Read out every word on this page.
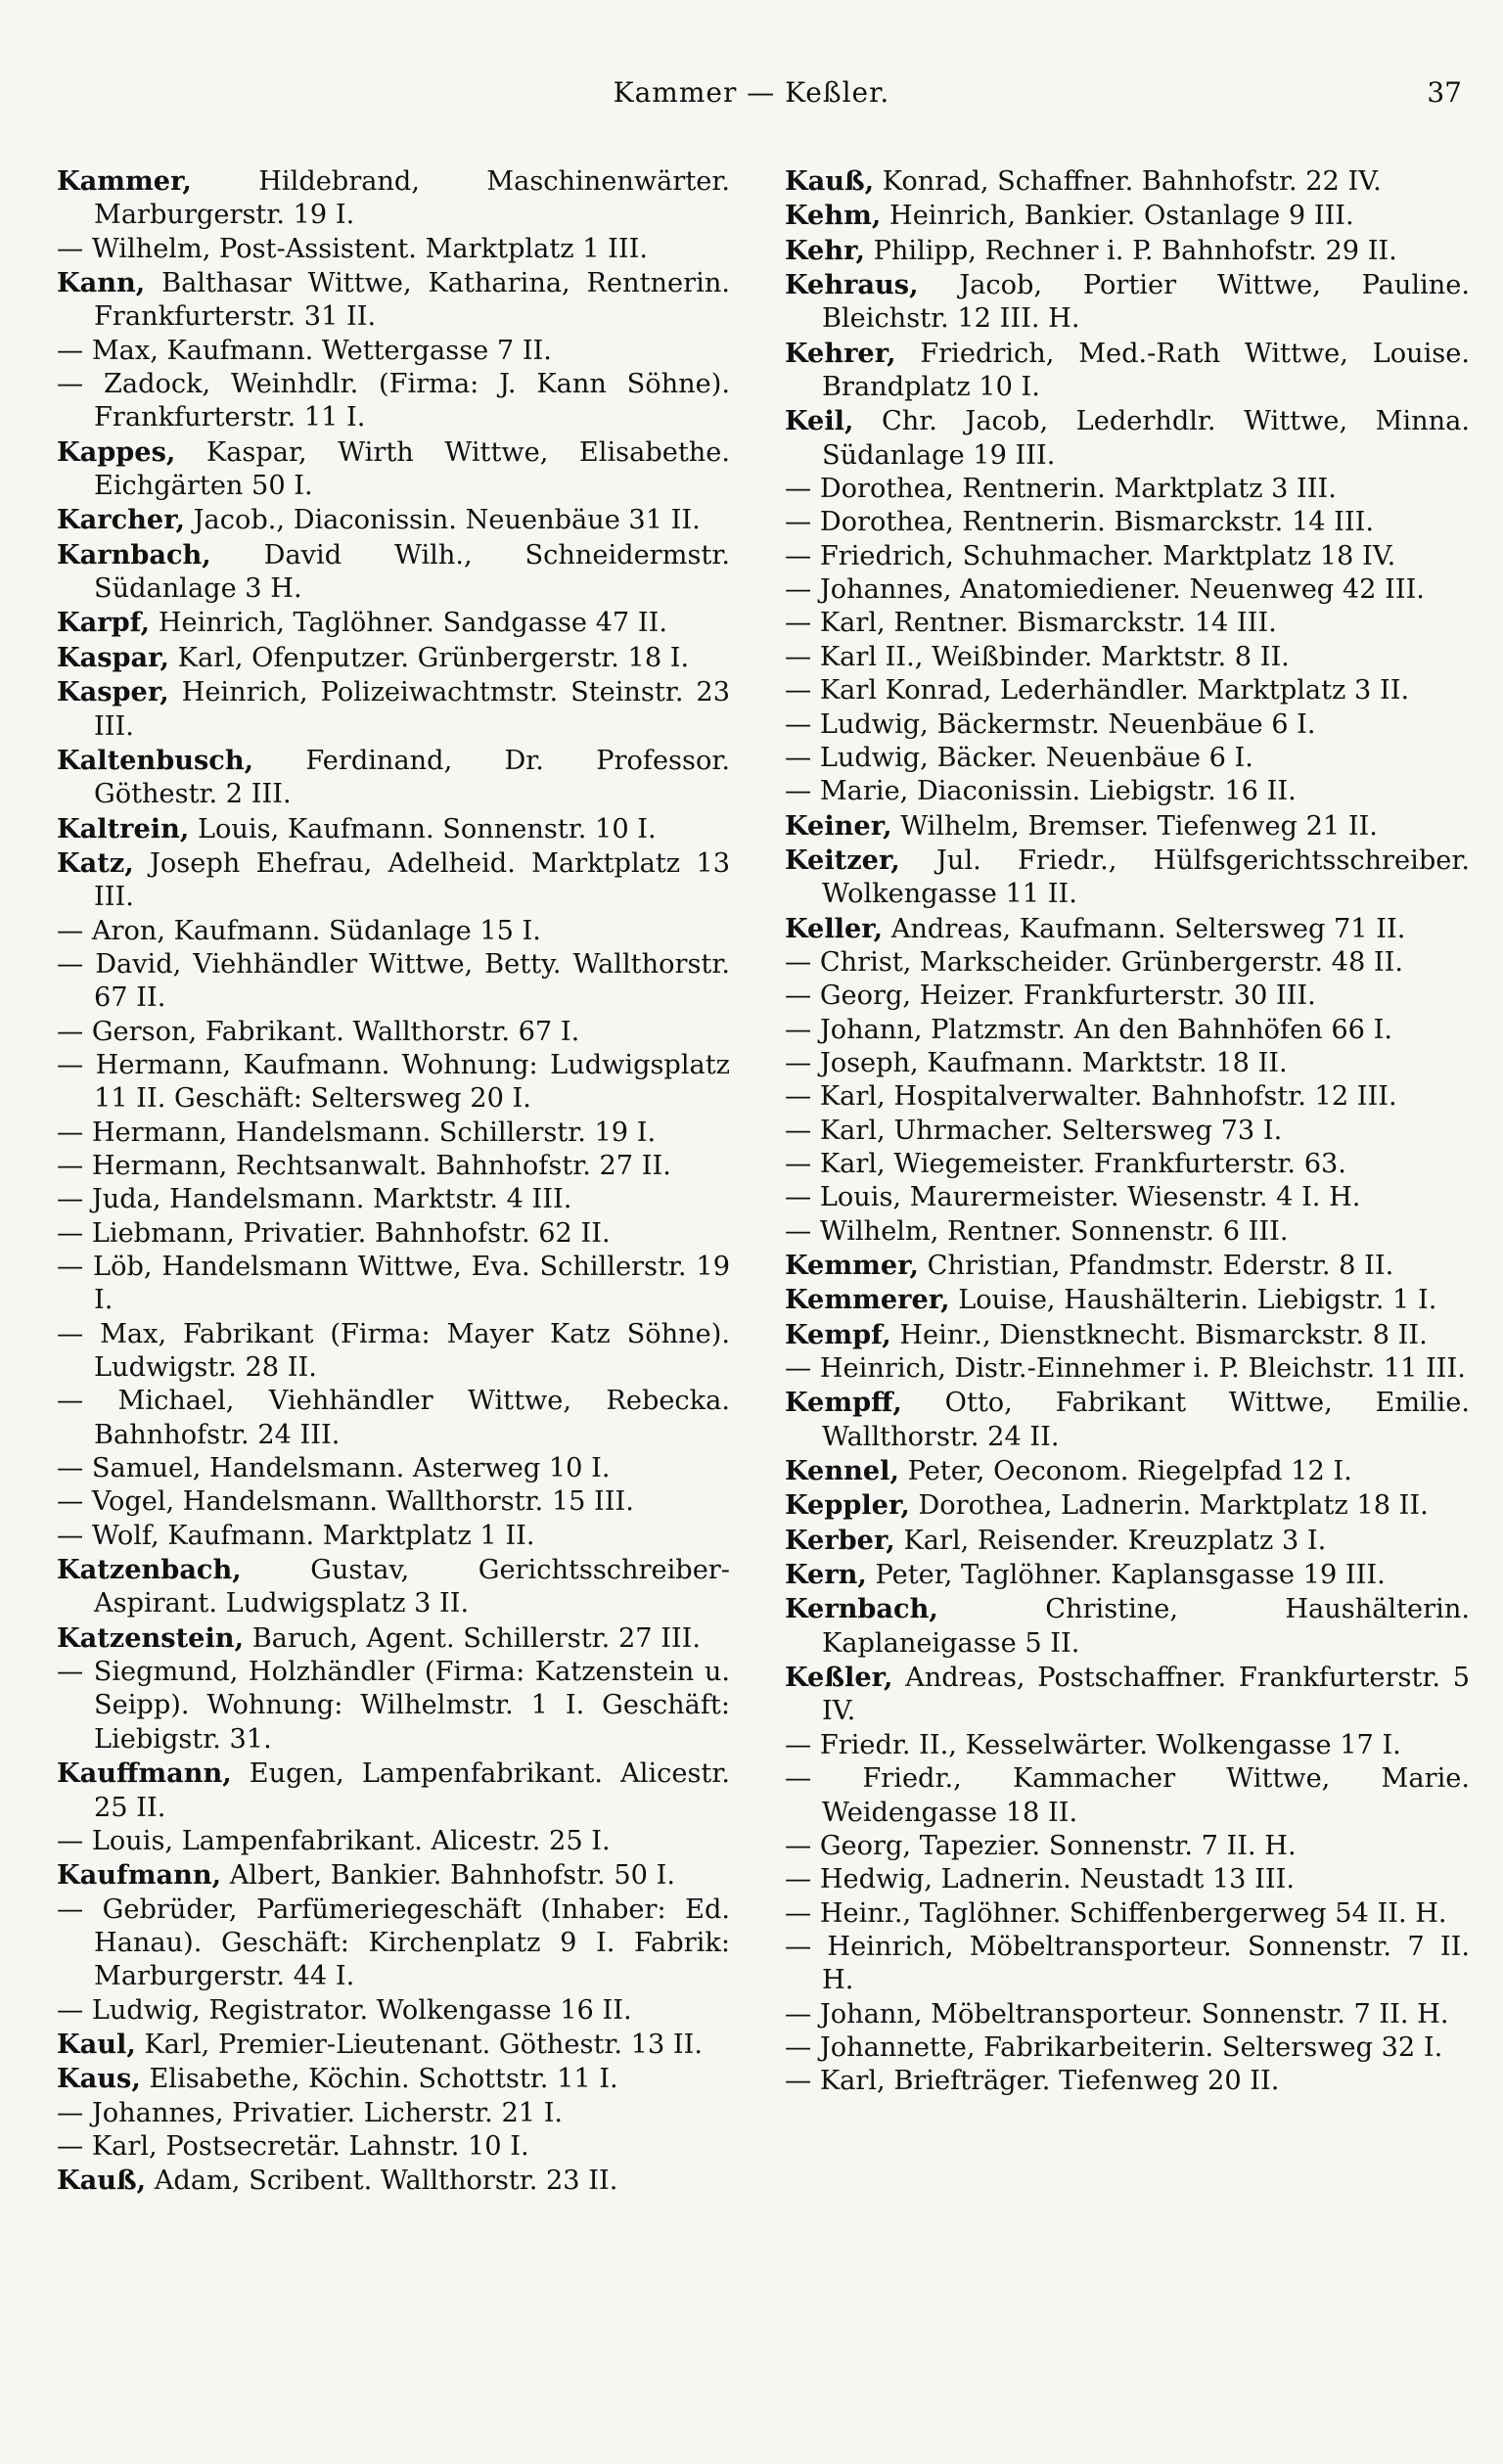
Kammer — Keßler.	37

Kammer,	Hildebrand, Maschinenwärter. Marburgerstr. 19 I.

— Wilhelm, Post-Assistent. Marktplatz 1 III.

Kann, Balthasar Wittwe, Katharina, Rentnerin. Frankfurterstr. 31 II.

— Max, Kaufmann. Wettergasse 7 II.

— Zadock, Weinhdlr. (Firma: J. Kann Söhne). Frankfurterstr. 11 I.

Kappes, Kaspar, Wirth Wittwe, Elisabethe. Eichgärten 50 I.

Karcher, Jacob., Diaconissin. Neuenbäue 31 II.

Karnbach, David Wilh., Schneidermstr. Südanlage 3 H.

Karpf, Heinrich, Taglöhner. Sandgasse 47 II.

Kaspar, Karl, Ofenputzer. Grünbergerstr. 18 I.

Kasper, Heinrich, Polizeiwachtmstr. Steinstr. 23 III.

Kaltenbusch, Ferdinand, Dr. Professor. Göthestr. 2 III.

Kaltrein, Louis, Kaufmann. Sonnenstr. 10 I.

Katz, Joseph Ehefrau, Adelheid. Marktplatz 13 III.

— Aron, Kaufmann. Südanlage 15 I.

— David, Viehhändler Wittwe, Betty. Wallthorstr. 67 II.

— Gerson, Fabrikant. Wallthorstr. 67 I.

— Hermann, Kaufmann. Wohnung: Ludwigsplatz 11 II. Geschäft: Seltersweg 20 I.

— Hermann, Handelsmann. Schillerstr. 19 I.

— Hermann, Rechtsanwalt. Bahnhofstr. 27 II.

— Juda, Handelsmann. Marktstr. 4 III.

— Liebmann, Privatier. Bahnhofstr. 62 II.

— Löb, Handelsmann Wittwe, Eva. Schillerstr. 19 I.

— Max, Fabrikant (Firma: Mayer Katz Söhne). Ludwigstr. 28 II.

— Michael, Viehhändler Wittwe, Rebecka. Bahnhofstr. 24 III.

— Samuel, Handelsmann. Asterweg 10 I.

— Vogel, Handelsmann. Wallthorstr. 15 III.

— Wolf, Kaufmann. Marktplatz 1 II.

Katzenbach,	Gustav, Gerichtsschreiber-Aspirant. Ludwigsplatz 3 II.

Katzenstein, Baruch, Agent. Schillerstr. 27 III.

— Siegmund, Holzhändler (Firma: Katzenstein u. Seipp). Wohnung: Wilhelmstr. 1 I. Geschäft: Liebigstr. 31.

Kauffmann, Eugen, Lampenfabrikant. Alicestr. 25 II.

— Louis, Lampenfabrikant. Alicestr. 25 I.

Kaufmann, Albert, Bankier. Bahnhofstr. 50 I.

— Gebrüder, Parfümeriegeschäft (Inhaber: Ed. Hanau). Geschäft: Kirchenplatz 9 I. Fabrik: Marburgerstr. 44 I.

— Ludwig, Registrator. Wolkengasse 16 II.

Kaul, Karl, Premier-Lieutenant. Göthestr. 13 II.

Kaus, Elisabethe, Köchin. Schottstr. 11 I.

— Johannes, Privatier. Licherstr. 21 I.

— Karl, Postsecretär. Lahnstr. 10 I.

Kauß, Adam, Scribent. Wallthorstr. 23 II.

Kauß, Konrad, Schaffner. Bahnhofstr. 22 IV.

Kehm, Heinrich, Bankier. Ostanlage 9 III.

Kehr, Philipp, Rechner i. P. Bahnhofstr. 29 II.

Kehraus, Jacob, Portier Wittwe, Pauline. Bleichstr. 12 III. H.

Kehrer, Friedrich, Med.-Rath Wittwe, Louise. Brandplatz 10 I.

Keil, Chr. Jacob, Lederhdlr. Wittwe, Minna. Südanlage 19 III.

— Dorothea, Rentnerin. Marktplatz 3 III.

— Dorothea, Rentnerin. Bismarckstr. 14 III.

— Friedrich, Schuhmacher. Marktplatz 18 IV.

— Johannes, Anatomiediener. Neuenweg 42 III.

— Karl, Rentner. Bismarckstr. 14 III.

— Karl II., Weißbinder. Marktstr. 8 II.

— Karl Konrad, Lederhändler. Marktplatz 3 II.

— Ludwig, Bäckermstr. Neuenbäue 6 I.

— Ludwig, Bäcker. Neuenbäue 6 I.

— Marie, Diaconissin. Liebigstr. 16 II.

Keiner, Wilhelm, Bremser. Tiefenweg 21 II.

Keitzer, Jul. Friedr., Hülfsgerichtsschreiber. Wolkengasse 11 II.

Keller, Andreas, Kaufmann. Seltersweg 71 II.

— Christ, Markscheider. Grünbergerstr. 48 II.

— Georg, Heizer. Frankfurterstr. 30 III.

— Johann, Platzmstr. An den Bahnhöfen 66 I.

— Joseph, Kaufmann. Marktstr. 18 II.

— Karl, Hospitalverwalter. Bahnhofstr. 12 III.

— Karl, Uhrmacher. Seltersweg 73 I.

— Karl, Wiegemeister. Frankfurterstr. 63.

— Louis, Maurermeister. Wiesenstr. 4 I. H.

— Wilhelm, Rentner. Sonnenstr. 6 III.

Kemmer, Christian, Pfandmstr. Ederstr. 8 II.

Kemmerer, Louise, Haushälterin. Liebigstr. 1 I.

Kempf, Heinr., Dienstknecht. Bismarckstr. 8 II.

— Heinrich, Distr.-Einnehmer i. P. Bleichstr. 11 III.

Kempff, Otto, Fabrikant Wittwe, Emilie. Wallthorstr. 24 II.

Kennel, Peter, Oeconom. Riegelpfad 12 I.

Keppler, Dorothea, Ladnerin. Marktplatz 18 II.

Kerber, Karl, Reisender. Kreuzplatz 3 I.

Kern, Peter, Taglöhner. Kaplansgasse 19 III.

Kernbach,	Christine, Haushälterin. Kaplaneigasse 5 II.

Keßler, Andreas, Postschaffner. Frankfurterstr. 5 IV.

— Friedr. II., Kesselwärter. Wolkengasse 17 I.

— Friedr., Kammacher Wittwe, Marie. Weidengasse 18 II.

— Georg, Tapezier. Sonnenstr. 7 II. H.

— Hedwig, Ladnerin. Neustadt 13 III.

— Heinr., Taglöhner. Schiffenbergerweg 54 II. H.

— Heinrich, Möbeltransporteur. Sonnenstr. 7 II. H.

— Johann, Möbeltransporteur. Sonnenstr. 7 II. H.

— Johannette, Fabrikarbeiterin. Seltersweg 32 I.

— Karl, Briefträger. Tiefenweg 20 II.
